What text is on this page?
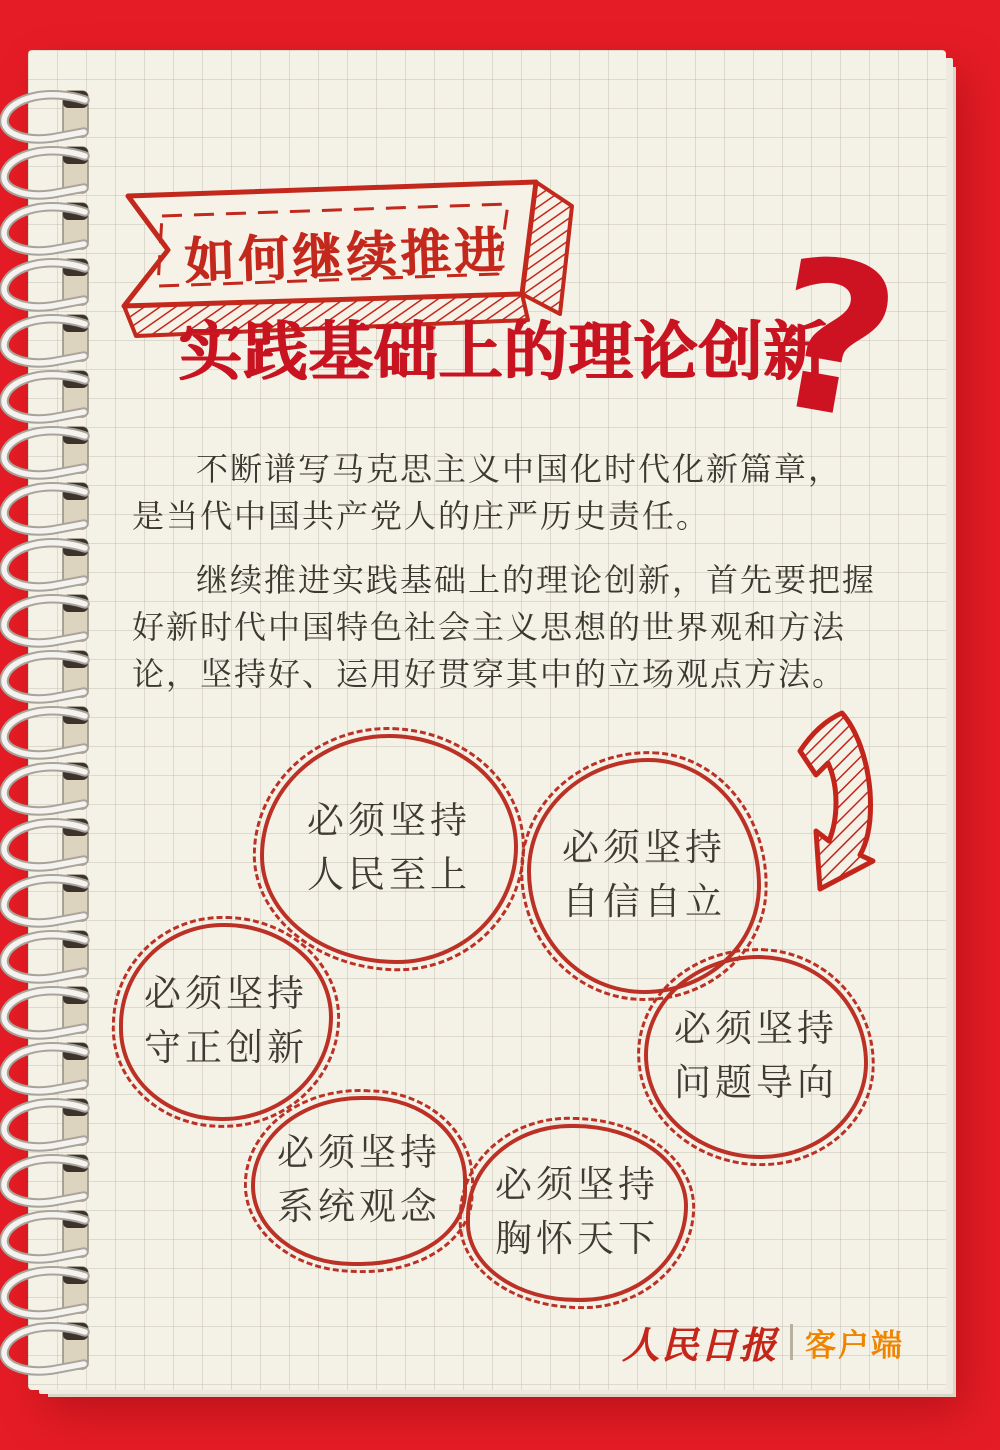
如何继续推进
实践基础上的理论创新
?

不断谱写马克思主义中国化时代化新篇章，
是当代中国共产党人的庄严历史责任。

继续推进实践基础上的理论创新，首先要把握
好新时代中国特色社会主义思想的世界观和方法
论，坚持好、运用好贯穿其中的立场观点方法。

必须坚持
人民至上
必须坚持
自信自立
必须坚持
守正创新	必须坚持
问题导向
必须坚持
系统观念
必须坚持
胸怀天下
人民日报 客户端
